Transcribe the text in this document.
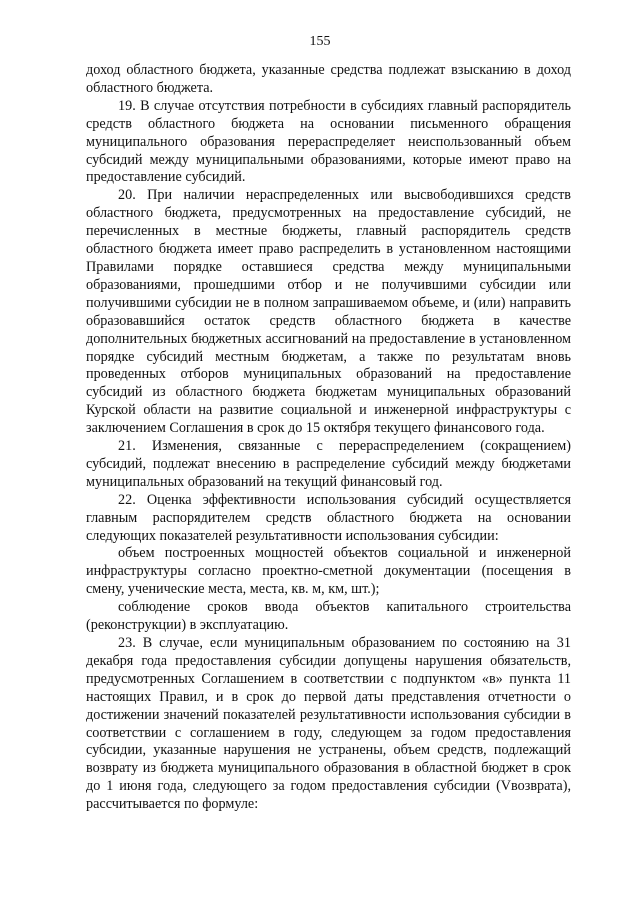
155

доход областного бюджета, указанные средства подлежат взысканию в доход областного бюджета.

19. В случае отсутствия потребности в субсидиях главный распорядитель средств областного бюджета на основании письменного обращения муниципального образования перераспределяет неиспользованный объем субсидий между муниципальными образованиями, которые имеют право на предоставление субсидий.

20. При наличии нераспределенных или высвободившихся средств областного бюджета, предусмотренных на предоставление субсидий, не перечисленных в местные бюджеты, главный распорядитель средств областного бюджета имеет право распределить в установленном настоящими Правилами порядке оставшиеся средства между муниципальными образованиями, прошедшими отбор и не получившими субсидии или получившими субсидии не в полном запрашиваемом объеме, и (или) направить образовавшийся остаток средств областного бюджета в качестве дополнительных бюджетных ассигнований на предоставление в установленном порядке субсидий местным бюджетам, а также по результатам вновь проведенных отборов муниципальных образований на предоставление субсидий из областного бюджета бюджетам муниципальных образований Курской области на развитие социальной и инженерной инфраструктуры с заключением Соглашения в срок до 15 октября текущего финансового года.

21. Изменения, связанные с перераспределением (сокращением) субсидий, подлежат внесению в распределение субсидий между бюджетами муниципальных образований на текущий финансовый год.

22. Оценка эффективности использования субсидий осуществляется главным распорядителем средств областного бюджета на основании следующих показателей результативности использования субсидии:

объем построенных мощностей объектов социальной и инженерной инфраструктуры согласно проектно-сметной документации (посещения в смену, ученические места, места, кв. м, км, шт.);

соблюдение сроков ввода объектов капитального строительства (реконструкции) в эксплуатацию.

23. В случае, если муниципальным образованием по состоянию на 31 декабря года предоставления субсидии допущены нарушения обязательств, предусмотренных Соглашением в соответствии с подпунктом «в» пункта 11 настоящих Правил, и в срок до первой даты представления отчетности о достижении значений показателей результативности использования субсидии в соответствии с соглашением в году, следующем за годом предоставления субсидии, указанные нарушения не устранены, объем средств, подлежащий возврату из бюджета муниципального образования в областной бюджет в срок до 1 июня года, следующего за годом предоставления субсидии (Vвозврата), рассчитывается по формуле:
